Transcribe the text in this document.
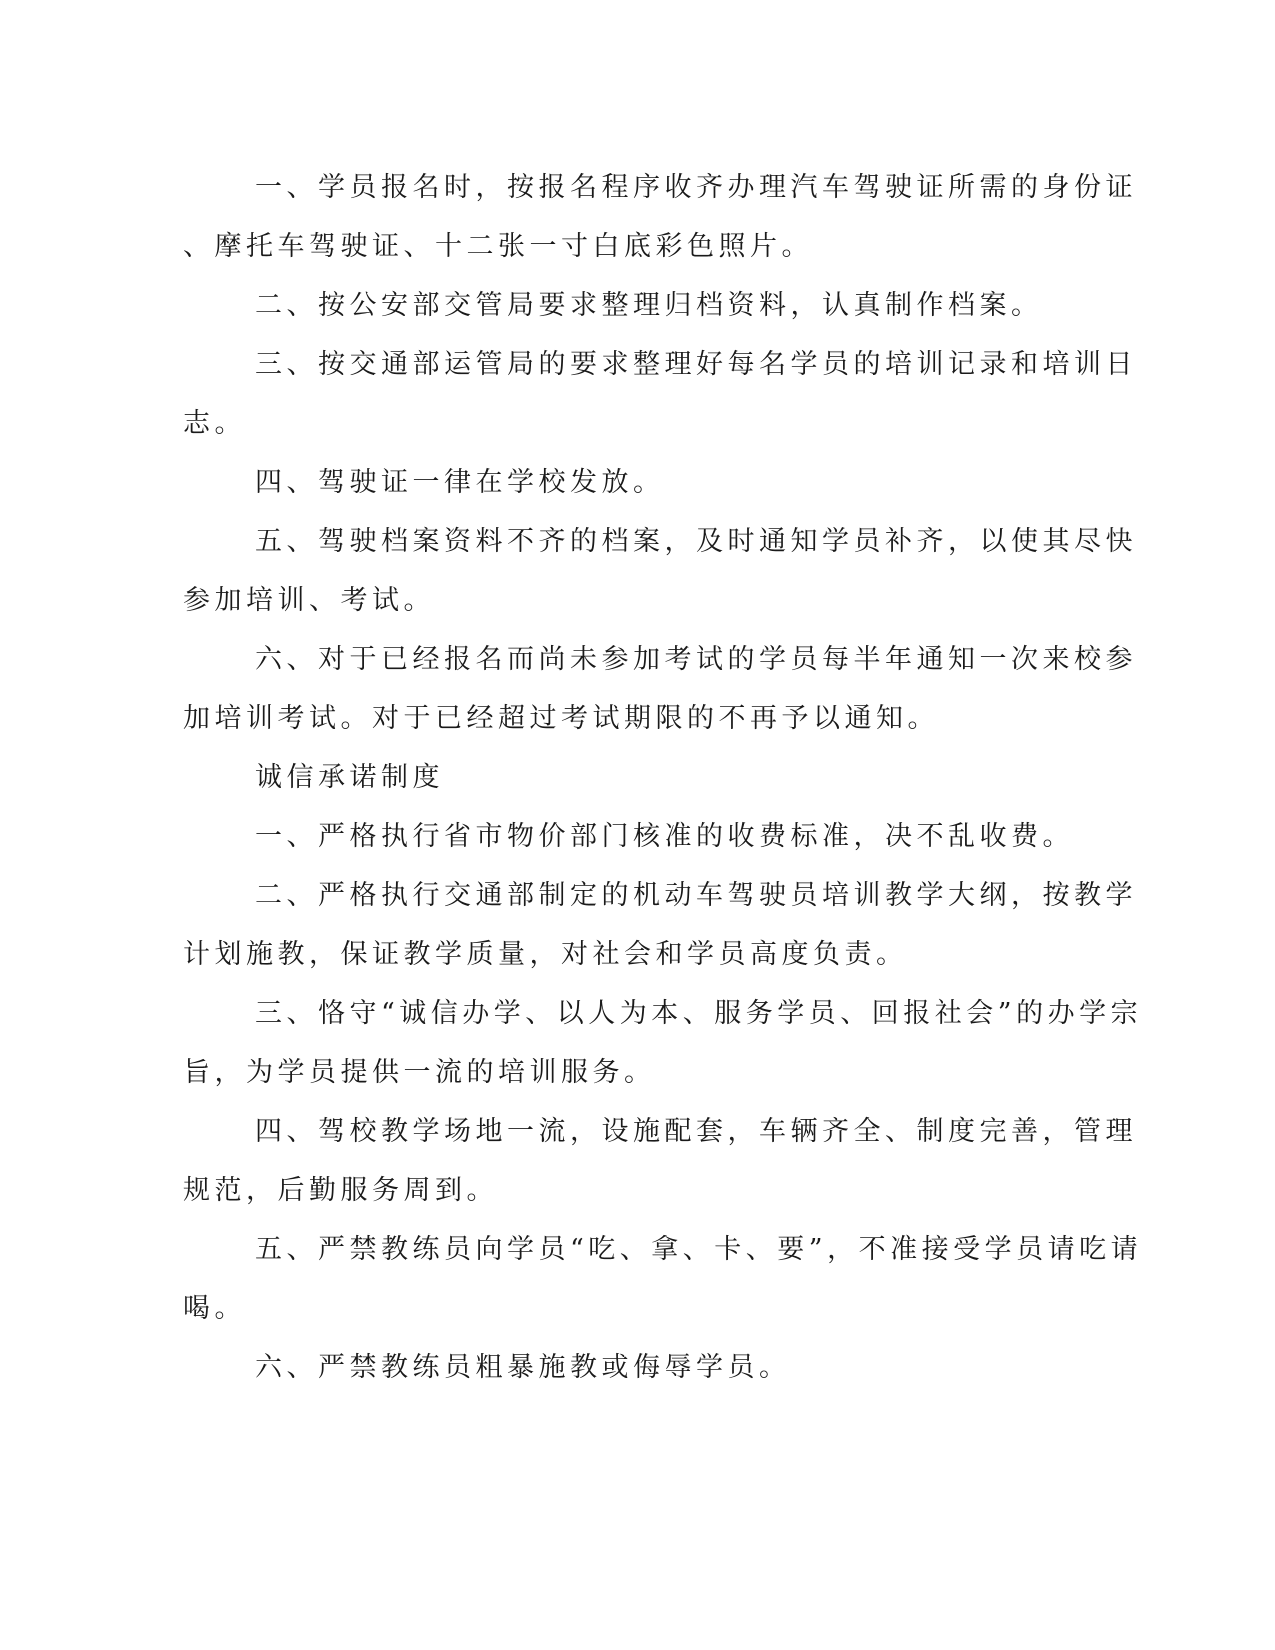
一、学员报名时，按报名程序收齐办理汽车驾驶证所需的身份证
、摩托车驾驶证、十二张一寸白底彩色照片。
二、按公安部交管局要求整理归档资料，认真制作档案。
三、按交通部运管局的要求整理好每名学员的培训记录和培训日
志。
四、驾驶证一律在学校发放。
五、驾驶档案资料不齐的档案，及时通知学员补齐，以使其尽快
参加培训、考试。
六、对于已经报名而尚未参加考试的学员每半年通知一次来校参
加培训考试。对于已经超过考试期限的不再予以通知。
诚信承诺制度
一、严格执行省市物价部门核准的收费标准，决不乱收费。
二、严格执行交通部制定的机动车驾驶员培训教学大纲，按教学
计划施教，保证教学质量，对社会和学员高度负责。
三、恪守“诚信办学、以人为本、服务学员、回报社会”的办学宗
旨，为学员提供一流的培训服务。
四、驾校教学场地一流，设施配套，车辆齐全、制度完善，管理
规范，后勤服务周到。
五、严禁教练员向学员“吃、拿、卡、要”，不准接受学员请吃请
喝。
六、严禁教练员粗暴施教或侮辱学员。
